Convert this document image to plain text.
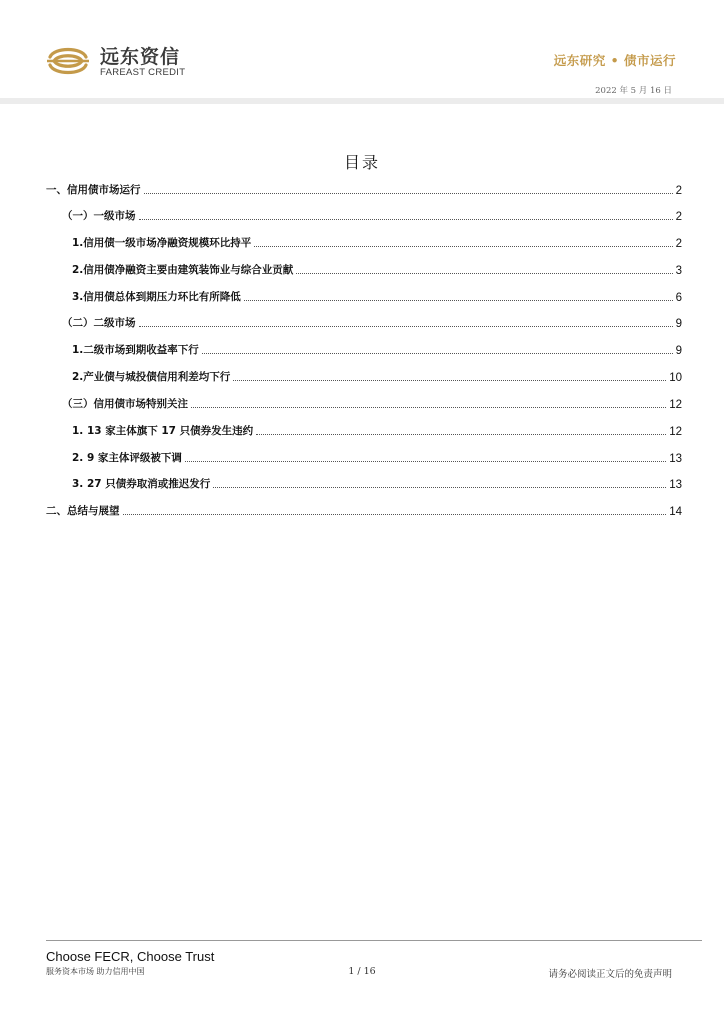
远东资信
FAREAST CREDIT
远东研究 • 债市运行
2022 年 5 月 16 日
目录
一、信用债市场运行	2
（一）一级市场	2
1.信用债一级市场净融资规模环比持平	2
2.信用债净融资主要由建筑装饰业与综合业贡献	3
3.信用债总体到期压力环比有所降低	6
（二）二级市场	9
1.二级市场到期收益率下行	9
2.产业债与城投债信用利差均下行	10
（三）信用债市场特别关注	12
1. 13 家主体旗下 17 只债券发生违约	12
2. 9 家主体评级被下调	13
3. 27 只债券取消或推迟发行	13
二、总结与展望	14
Choose FECR, Choose Trust
服务资本市场 助力信用中国	1 / 16	请务必阅读正文后的免责声明
